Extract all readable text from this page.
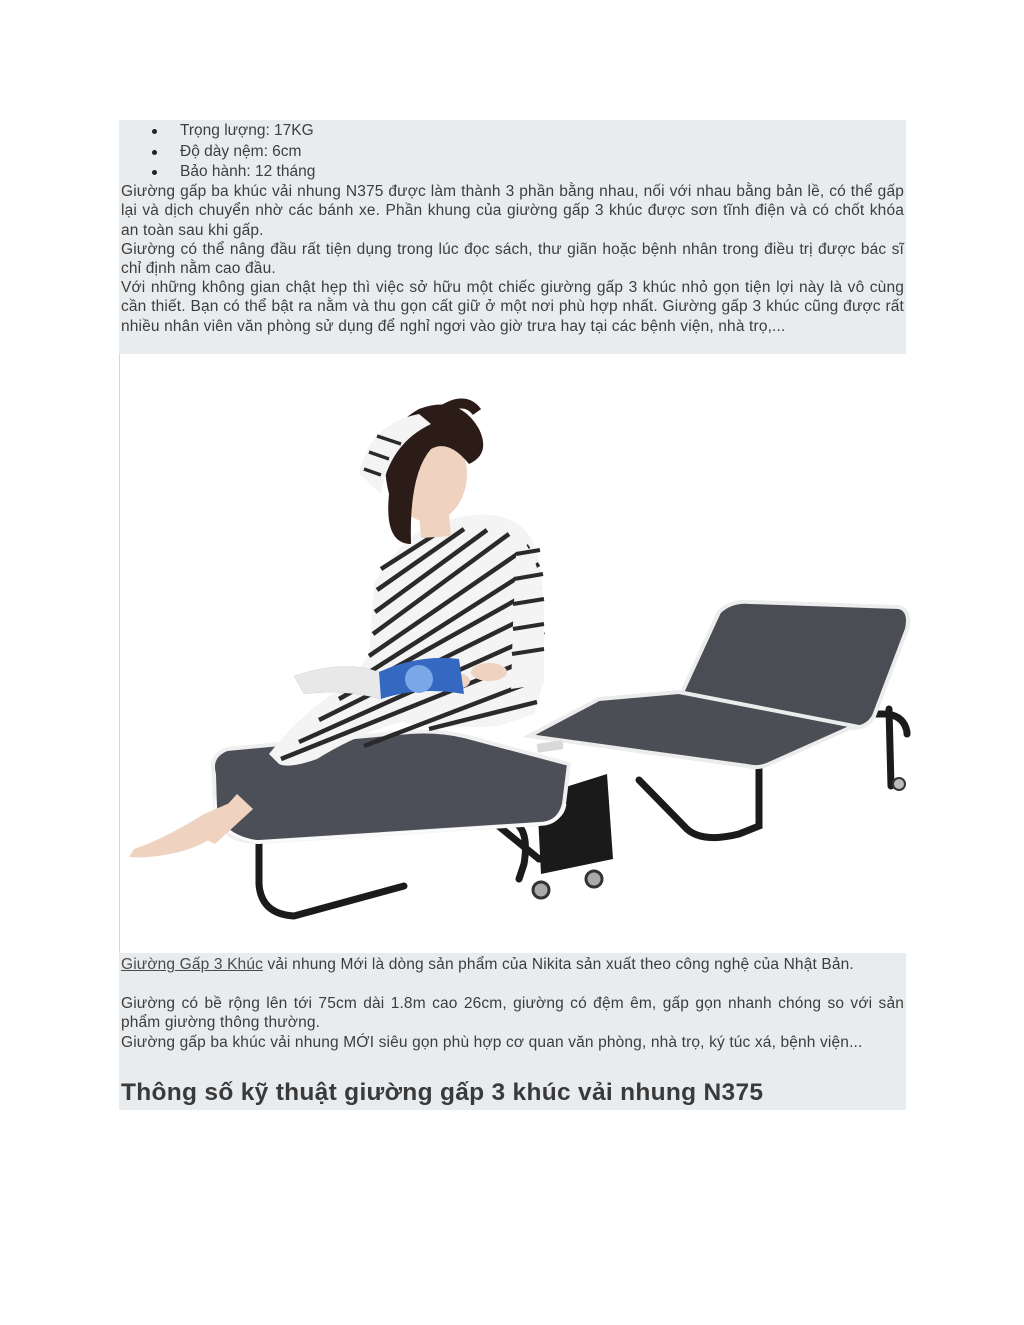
Trọng lượng: 17KG
Độ dày nệm: 6cm
Bảo hành: 12 tháng

Giường gấp ba khúc vải nhung N375 được làm thành 3 phần bằng nhau, nối với nhau bằng bản lề, có thể gấp lại và dịch chuyển nhờ các bánh xe. Phần khung của giường gấp 3 khúc được sơn tĩnh điện và có chốt khóa an toàn sau khi gấp.

Giường có thể nâng đầu rất tiện dụng trong lúc đọc sách, thư giãn hoặc bệnh nhân trong điều trị được bác sĩ chỉ định nằm cao đầu.

Với những không gian chật hẹp thì việc sở hữu một chiếc giường gấp 3 khúc nhỏ gọn tiện lợi này là vô cùng cần thiết. Bạn có thể bật ra nằm và thu gọn cất giữ ở một nơi phù hợp nhất. Giường gấp 3 khúc cũng được rất nhiều nhân viên văn phòng sử dụng để nghỉ ngơi vào giờ trưa hay tại các bệnh viện, nhà trọ,...

Giường Gấp 3 Khúc vải nhung Mới là dòng sản phẩm của Nikita sản xuất theo công nghệ của Nhật Bản.

Giường có bề rộng lên tới 75cm dài 1.8m cao 26cm, giường có đệm êm, gấp gọn nhanh chóng so với sản phẩm giường thông thường.

Giường gấp ba khúc vải nhung MỚI siêu gọn phù hợp cơ quan văn phòng, nhà trọ, ký túc xá, bệnh viện...

Thông số kỹ thuật giường gấp 3 khúc vải nhung N375
